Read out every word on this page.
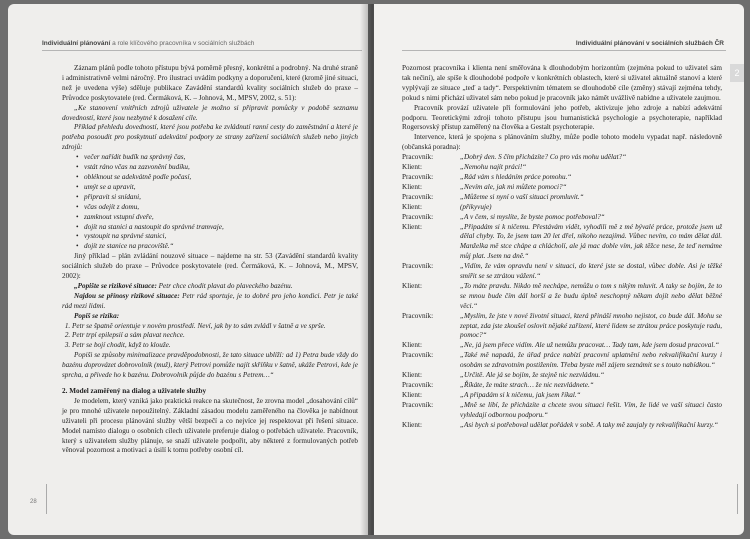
Individuální plánování a role klíčového pracovníka v sociálních službách
28

Záznam plánů podle tohoto přístupu bývá poměrně přesný, konkrétní a podrobný. Na druhé straně i administrativně velmi náročný. Pro ilustraci uvádím podkyny a doporučení, které (kromě jiné situaci, než je uvedena výše) sděluje publikace Zavádění standardů kvality sociálních služeb do praxe – Průvodce poskytovatele (red. Čermáková, K. – Johnová, M., MPSV, 2002, s. 51):

„Ke stanovení vnitřních zdrojů uživatele je možno si připravit pomůcky v podobě seznamu dovedností, které jsou nezbytné k dosažení cíle.

Příklad přehledu dovedností, které jsou potřeba ke zvládnutí ranní cesty do zaměstnání a které je potřeba posoudit pro poskytnutí adekvátní podpory ze strany zařízení sociálních služeb nebo jiných zdrojů:

• večer nařídit budík na správný čas,
• vstát ráno včas na zazvonění budíku,
• obléknout se adekvátně podle počasí,
• umýt se a upravit,
• připravit si snídani,
• včas odejít z domu,
• zamknout vstupní dveře,
• dojít na stanici a nastoupit do správné tramvaje,
• vystoupit na správné stanici,
• dojít ze stanice na pracoviště.“

Jiný příklad – plán zvládání nouzové situace – najdeme na str. 53 (Zavádění standardů kvality sociálních služeb do praxe – Průvodce poskytovatele (red. Čermáková, K. – Johnová, M., MPSV, 2002):

„Popište se rizikové situace: Petr chce chodit plavat do plaveckého bazénu.

Najdou se přínosy rizikové situace: Petr rád sportuje, je to dobré pro jeho kondici. Petr je také rád mezi lidmi.

Popiš se rizika:

1. Petr se špatně orientuje v novém prostředí. Neví, jak by to sám zvládl v šatně a ve sprše.
2. Petr trpí epilepsií a sám plavat nechce.
3. Petr se bojí chodit, když to klouže.

Popiši se způsoby minimalizace pravděpodobnosti, že tato situace ublíží: ad 1) Petra bude vždy do bazénu doprovázet dobrovolník (muž), který Petrovi pomůže najít skříňku v šatně, ukáže Petrovi, kde je sprcha, a přivede ho k bazénu. Dobrovolník půjde do bazénu s Petrem…“

2. Model zaměřený na dialog a uživatele služby

Je modelem, který vzniká jako praktická reakce na skutečnost, že zrovna model „dosahování cílů“ je pro mnohé uživatele nepoužitelný. Základní zásadou modelu zaměřeného na člověka je nabídnout uživateli při procesu plánování služby větší bezpečí a co nejvíce jej respektovat při řešení situace. Model namísto dialogu o osobních cílech uživatele preferuje dialog o potřebách uživatele. Pracovník, který s uživatelem služby plánuje, se snaží uživatele podpořit, aby některé z formulovaných potřeb věnoval pozornost a motivaci a úsilí k tomu potřeby osobní cíl.

Individuální plánování v sociálních službách ČR
2

Pozornost pracovníka i klienta není směřována k dlouhodobým horizontům (zejména pokud to uživatel sám tak nečiní), ale spíše k dlouhodobé podpoře v konkrétních oblastech, které si uživatel aktuálně stanoví a které vyplývají ze situace „teď a tady“. Perspektivním tématem se dlouhodobě cíle (změny) stávají zejména tehdy, pokud s nimi přichází uživatel sám nebo pokud je pracovník jako námět uvážlivě nabídne a uživatele zaujmou.

Pracovník provází uživatele při formulování jeho potřeb, aktivizuje jeho zdroje a nabízí adekvátní podporu. Teoretickými zdroji tohoto přístupu jsou humanistická psychologie a psychoterapie, například Rogersovský přístup zaměřený na člověka a Gestalt psychoterapie.

Intervence, která je spojena s plánováním služby, může podle tohoto modelu vypadat např. následovně (občanská poradna):

Pracovník:	„Dobrý den. S čím přicházíte? Co pro vás mohu udělat?“
Klient:	„Nemohu najít práci!“
Pracovník:	„Rád vám s hledáním práce pomohu.“
Klient:	„Nevím ale, jak mi můžete pomoci?“
Pracovník:	„Můžeme si nyní o vaší situaci promluvit.“
Klient:	(přikyvuje)
Pracovník:	„A v čem, si myslíte, že byste pomoc potřeboval?“
Klient:	„Připadám si k ničemu. Přestávám vidět, vyhodili mě z mé bývalé práce, protože jsem už dělal chyby. To, že jsem tam 20 let dřel, nikoho nezajímá. Vůbec nevím, co mám dělat dál. Manželka mě stce chápe a chlácholí, ale já mac doble vím, jak těžce nese, že teď nemáme můj plat. Jsem na dně.“
Pracovník:	„Vidím, že vám opravdu není v situaci, do které jste se dostal, vůbec doble. Asi je těžké smířit se se ztrátou vážení.“
Klient:	„To máte pravdu. Nikdo mě nechápe, nemůžu o tom s nikým mluvit. A taky se bojím, že to se mnou bude čím dál horší a že budu úplně neschopný někam dojít nebo dělat běžné věci.“
Pracovník:	„Myslím, že jste v nové životní situaci, která přináší mnoho nejistot, co bude dál. Mohu se zeptat, zda jste zkoušel oslovit nějaké zařízení, které lidem se ztrátou práce poskytuje radu, pomoc?“
Klient:	„Ne, já jsem přece vidím. Ale už nemůžu pracovat… Tady tam, kde jsem dosud pracoval.“
Pracovník:	„Také mě napadá, že úřad práce nabízí pracovní uplatnění nebo rekvalifikační kurzy i osobám se zdravotním postižením. Třeba byste měl zájem seznámit se s touto nabídkou.“
Klient:	„Určitě. Ale já se bojím, že stejně nic nezvládnu.“
Pracovník:	„Říkáte, že máte strach… že nic nezvládnete.“
Klient:	„A připadám si k ničemu, jak jsem říkal.“
Pracovník:	„Mně se líbí, že přicházíte a chcete svou situaci řešit. Vím, že lidé ve vaší situaci často vyhledají odbornou podporu.“
Klient:	„Asi bych si potřeboval udělat pořádek v sobě. A taky mě zaujaly ty rekvalifikační kurzy.“
